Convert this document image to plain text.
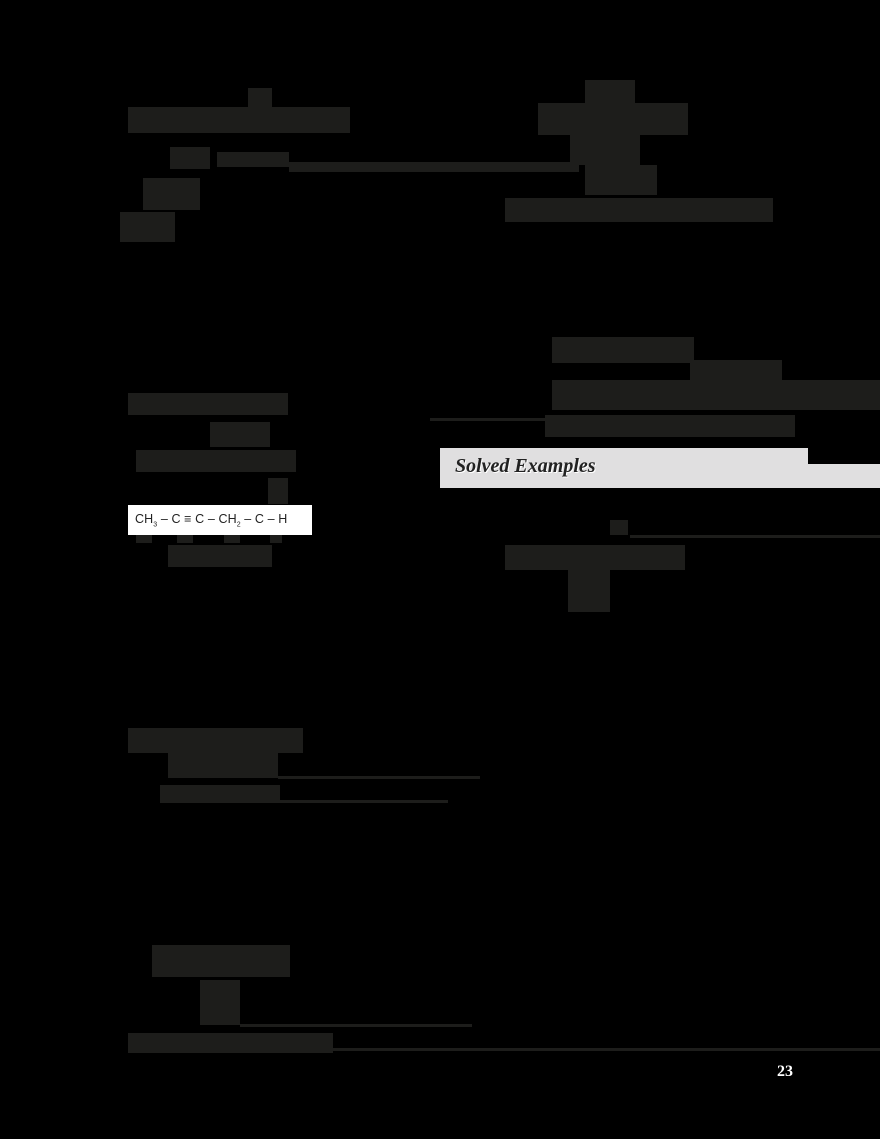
$CH_3 - C \equiv C - CH_2 - C - H$
Solved Examples
23
